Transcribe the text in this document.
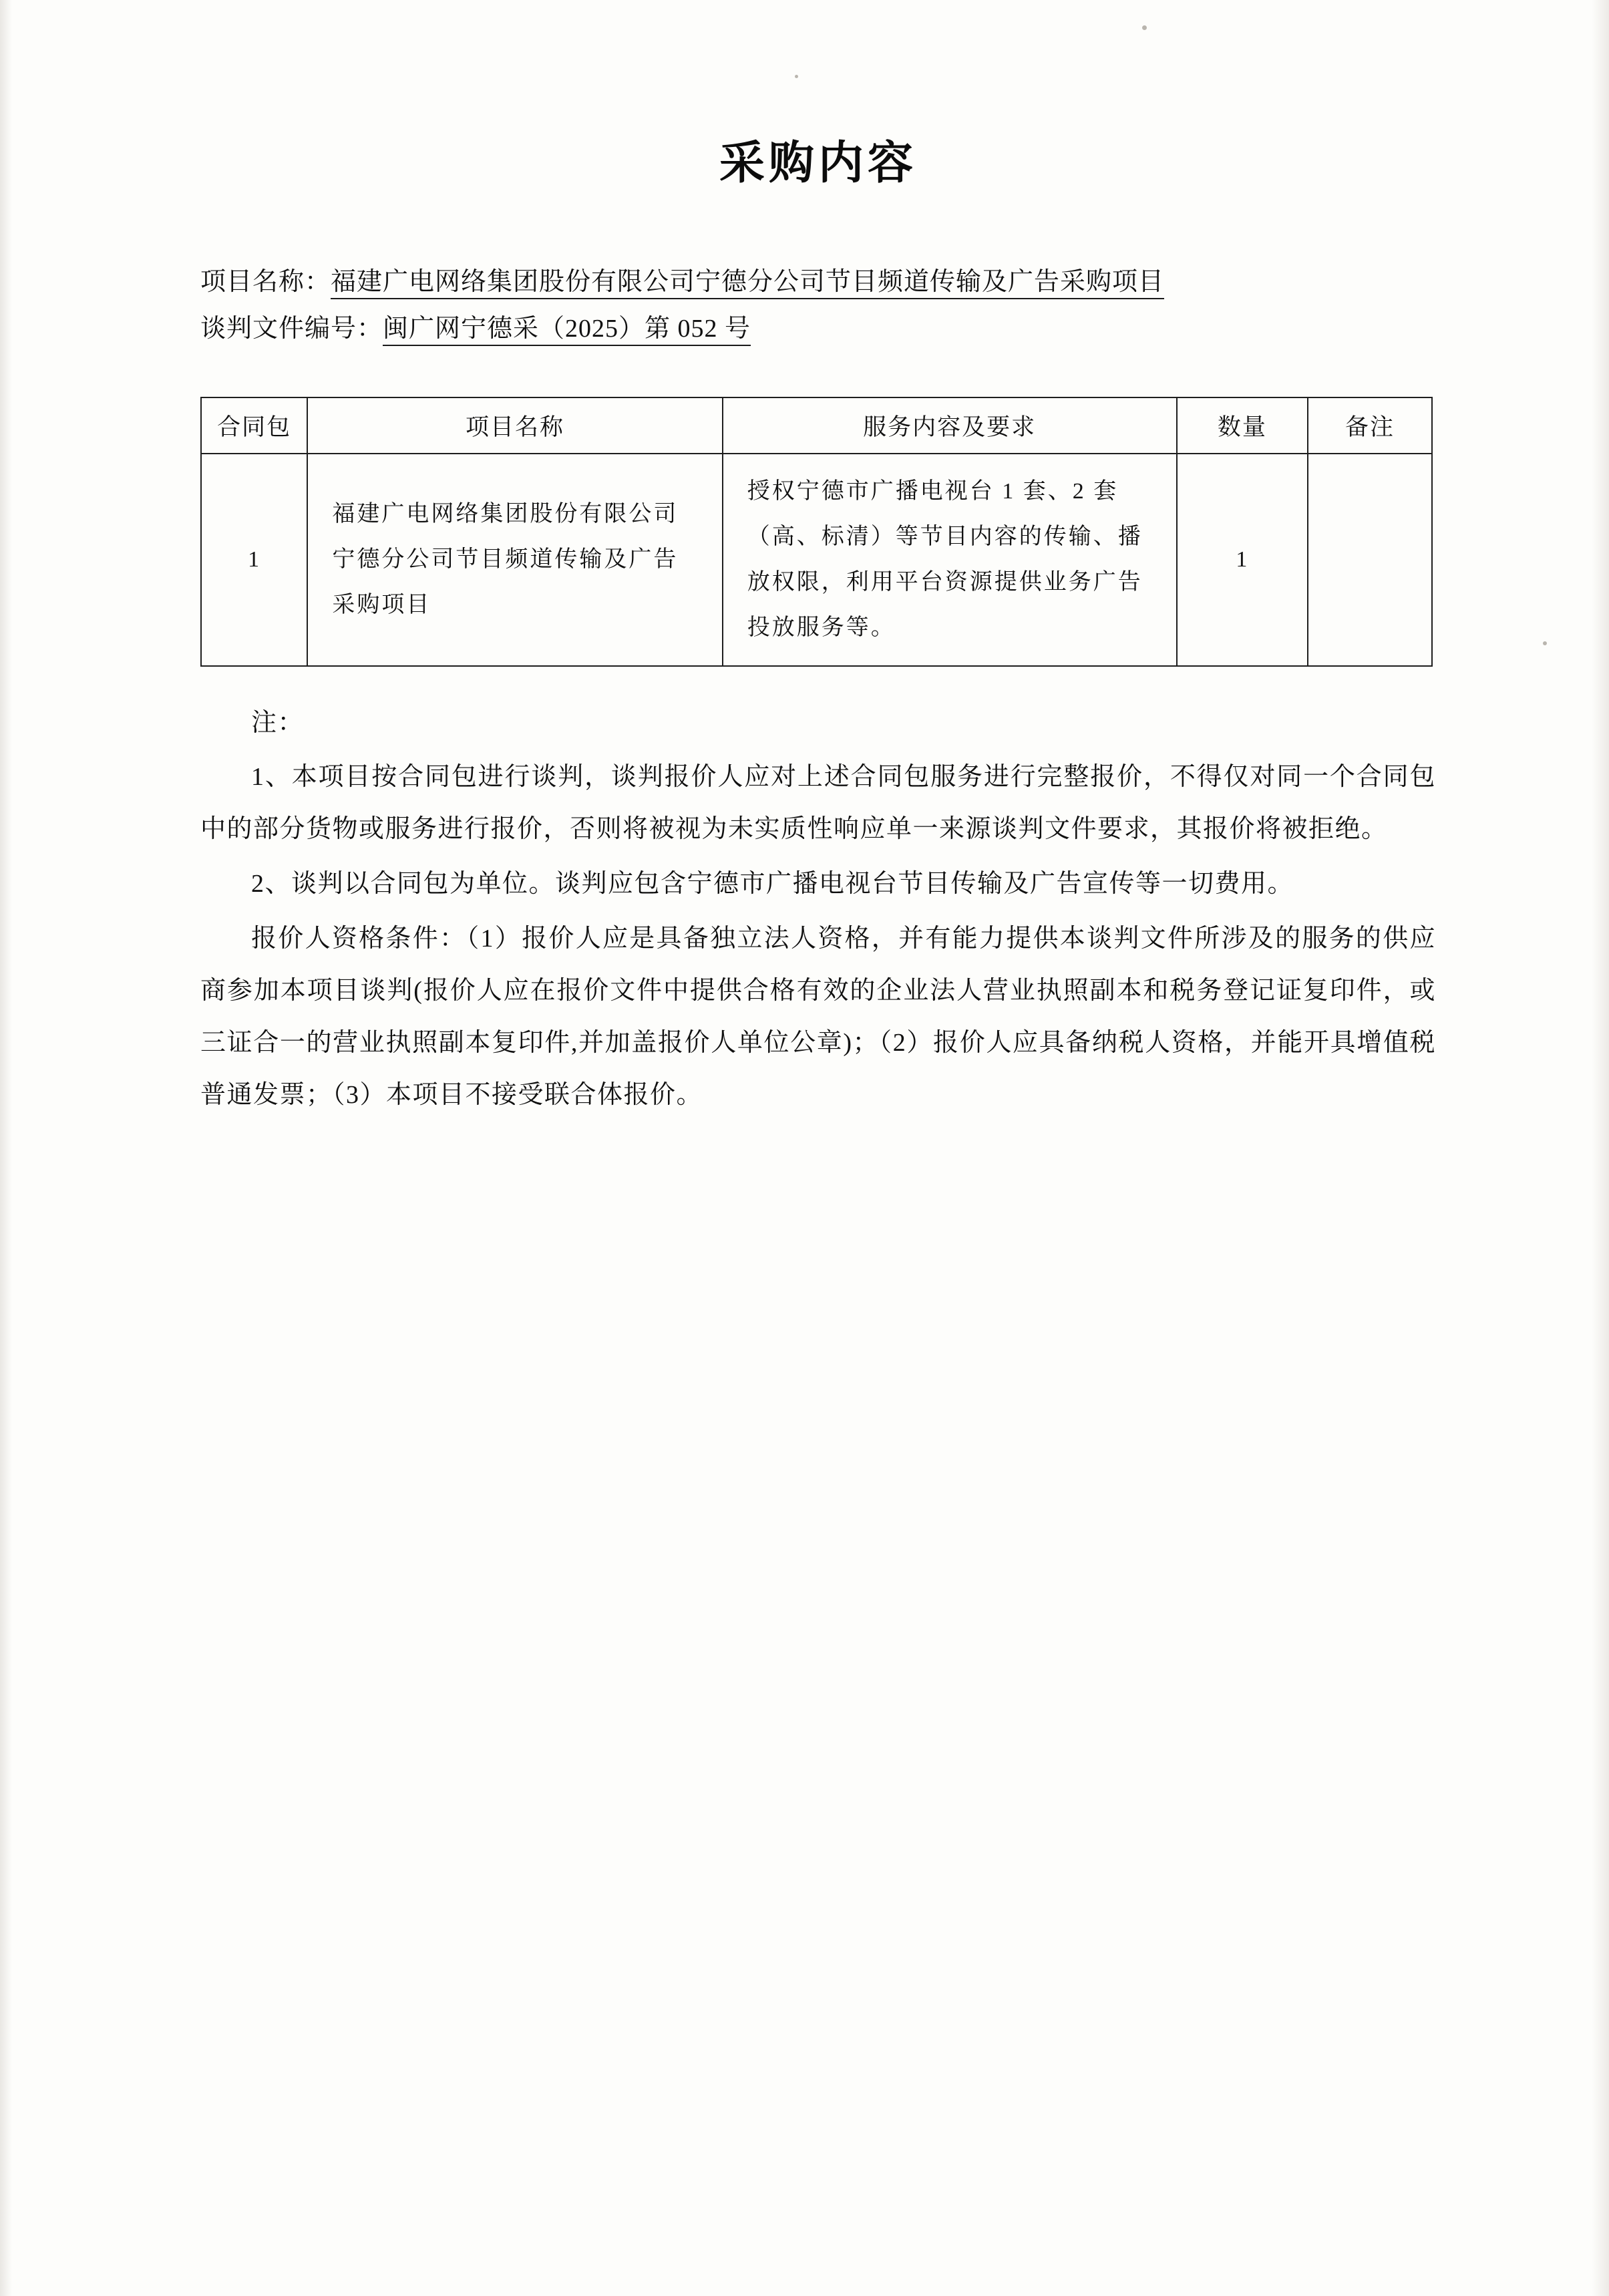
采购内容
项目名称：福建广电网络集团股份有限公司宁德分公司节目频道传输及广告采购项目
谈判文件编号：闽广网宁德采（2025）第 052 号
合同包	项目名称	服务内容及要求	数量	备注
1	福建广电网络集团股份有限公司宁德分公司节目频道传输及广告采购项目	授权宁德市广播电视台 1 套、2 套（高、标清）等节目内容的传输、播放权限，利用平台资源提供业务广告投放服务等。	1	

注：

1、本项目按合同包进行谈判，谈判报价人应对上述合同包服务进行完整报价，不得仅对同一个合同包中的部分货物或服务进行报价，否则将被视为未实质性响应单一来源谈判文件要求，其报价将被拒绝。

2、谈判以合同包为单位。谈判应包含宁德市广播电视台节目传输及广告宣传等一切费用。

报价人资格条件：（1）报价人应是具备独立法人资格，并有能力提供本谈判文件所涉及的服务的供应商参加本项目谈判(报价人应在报价文件中提供合格有效的企业法人营业执照副本和税务登记证复印件，或三证合一的营业执照副本复印件,并加盖报价人单位公章)；（2）报价人应具备纳税人资格，并能开具增值税普通发票；（3）本项目不接受联合体报价。
